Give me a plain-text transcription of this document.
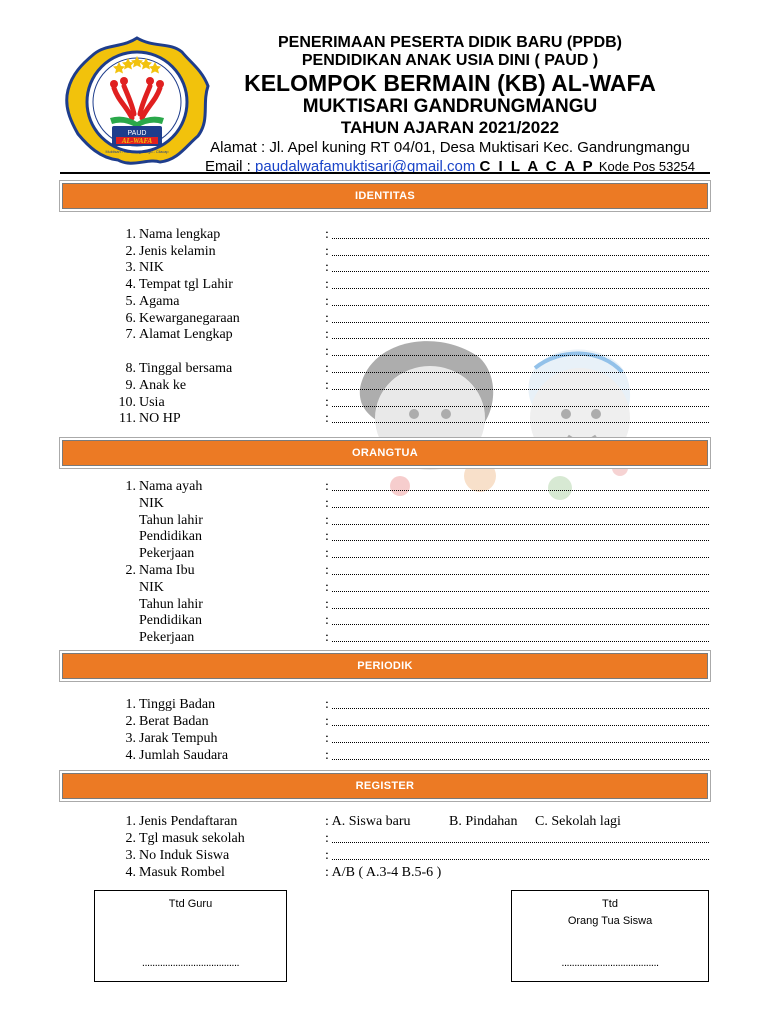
PAUD
AL-WAFA
Muktisari - Gandrungmangu - Cilacap
PENERIMAAN PESERTA DIDIK BARU (PPDB)
PENDIDIKAN ANAK USIA DINI ( PAUD )
KELOMPOK BERMAIN (KB) AL-WAFA
MUKTISARI GANDRUNGMANGU
TAHUN AJARAN 2021/2022
Alamat : Jl. Apel kuning RT 04/01, Desa Muktisari Kec. Gandrungmangu
Email : paudalwafamuktisari@gmail.com C I L A C A P Kode Pos 53254
IDENTITAS
1. Nama lengkap	:
2. Jenis kelamin	:
3. NIK	:
4. Tempat tgl Lahir	:
5. Agama	:
6. Kewarganegaraan	:
7. Alamat Lengkap	:
:
8. Tinggal bersama	:
9. Anak ke	:
10. Usia	:
11. NO HP	:
ORANGTUA
1. Nama ayah	:
NIK	:
Tahun lahir	:
Pendidikan	:
Pekerjaan	:
2. Nama Ibu	:
NIK	:
Tahun lahir	:
Pendidikan	:
Pekerjaan	:
PERIODIK
1. Tinggi Badan	:
2. Berat Badan	:
3. Jarak Tempuh	:
4. Jumlah Saudara	:
REGISTER
1. Jenis Pendaftaran	: A. Siswa baru           B. Pindahan     C. Sekolah lagi
2. Tgl masuk sekolah	:
3. No Induk Siswa	:
4. Masuk Rombel	: A/B ( A.3-4 B.5-6 )
Ttd Guru
......................................
Ttd
Orang Tua Siswa
......................................
